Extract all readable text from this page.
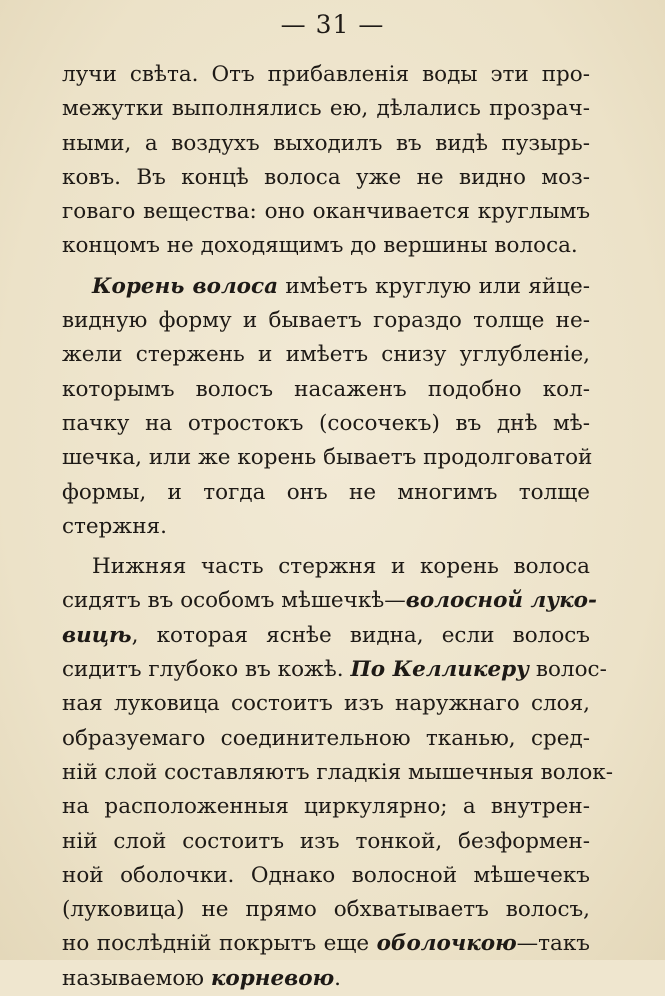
— 31 —
лучи свѣта. Отъ прибавленія воды эти про-
межутки выполнялись ею, дѣлались прозрач-
ными, а воздухъ выходилъ въ видѣ пузырь-
ковъ. Въ концѣ волоса уже не видно моз-
говаго вещества: оно оканчивается круглымъ
концомъ не доходящимъ до вершины волоса.
Корень волоса имѣетъ круглую или яйце-
видную форму и бываетъ гораздо толще не-
жели стержень и имѣетъ снизу углубленіе,
которымъ волосъ насаженъ подобно кол-
пачку на отростокъ (сосочекъ) въ днѣ мѣ-
шечка, или же корень бываетъ продолговатой
формы, и тогда онъ не многимъ толще
стержня.
Нижняя часть стержня и корень волоса
сидятъ въ особомъ мѣшечкѣ—волосной луко-
вицѣ, которая яснѣе видна, если волосъ
сидитъ глубоко въ кожѣ. По Келликеру волос-
ная луковица состоитъ изъ наружнаго слоя,
образуемаго соединительною тканью, сред-
ній слой составляютъ гладкія мышечныя волок-
на расположенныя циркулярно; а внутрен-
ній слой состоитъ изъ тонкой, безформен-
ной оболочки. Однако волосной мѣшечекъ
(луковица) не прямо обхватываетъ волосъ,
но послѣдній покрытъ еще оболочкою—такъ
называемою корневою.
